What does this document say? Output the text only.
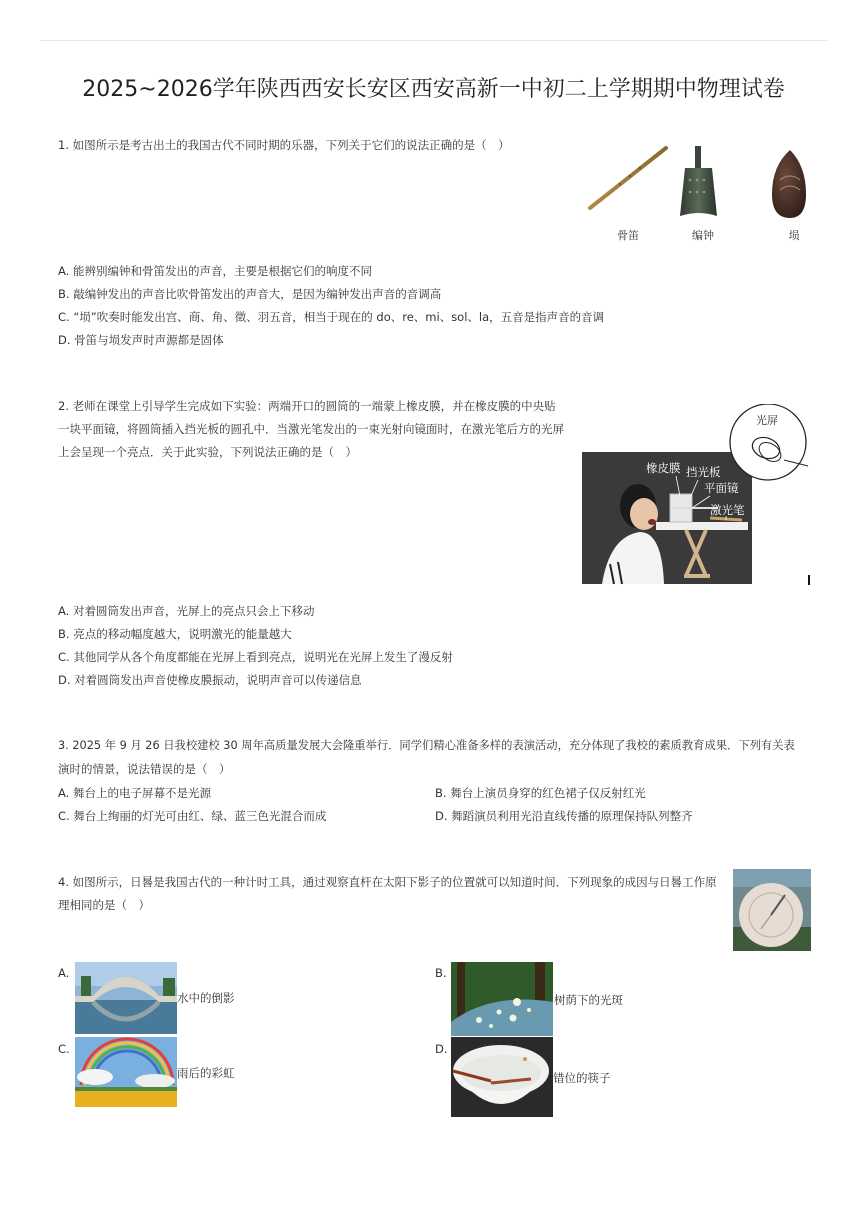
2025~2026学年陕西西安长安区西安高新一中初二上学期期中物理试卷
1. 如图所示是考古出土的我国古代不同时期的乐器，下列关于它们的说法正确的是（　）
骨笛	编钟	埙
A. 能辨别编钟和骨笛发出的声音，主要是根据它们的响度不同
B. 敲编钟发出的声音比吹骨笛发出的声音大，是因为编钟发出声音的音调高
C. “埙”吹奏时能发出宫、商、角、徵、羽五音，相当于现在的 do、re、mi、sol、la，五音是指声音的音调
D. 骨笛与埙发声时声源都是固体
2. 老师在课堂上引导学生完成如下实验：两端开口的圆筒的一端蒙上橡皮膜，并在橡皮膜的中央贴
一块平面镜，将圆筒插入挡光板的圆孔中．当激光笔发出的一束光射向镜面时，在激光笔后方的光屏
上会呈现一个亮点．关于此实验，下列说法正确的是（　）
光屏
橡皮膜 挡光板
平面镜
激光笔
A. 对着圆筒发出声音，光屏上的亮点只会上下移动
B. 亮点的移动幅度越大，说明激光的能量越大
C. 其他同学从各个角度都能在光屏上看到亮点，说明光在光屏上发生了漫反射
D. 对着圆筒发出声音使橡皮膜振动，说明声音可以传递信息
3. 2025 年 9 月 26 日我校建校 30 周年高质量发展大会隆重举行．同学们精心准备多样的表演活动，充分体现了我校的素质教育成果．下列有关表
演时的情景，说法错误的是（　）
A. 舞台上的电子屏幕不是光源	B. 舞台上演员身穿的红色裙子仅反射红光
C. 舞台上绚丽的灯光可由红、绿、蓝三色光混合而成	D. 舞蹈演员利用光沿直线传播的原理保持队列整齐
4. 如图所示，日晷是我国古代的一种计时工具，通过观察直杆在太阳下影子的位置就可以知道时间．下列现象的成因与日晷工作原
理相同的是（　）
A.
水中的倒影
B.
树荫下的光斑
C.
雨后的彩虹
D.
错位的筷子
